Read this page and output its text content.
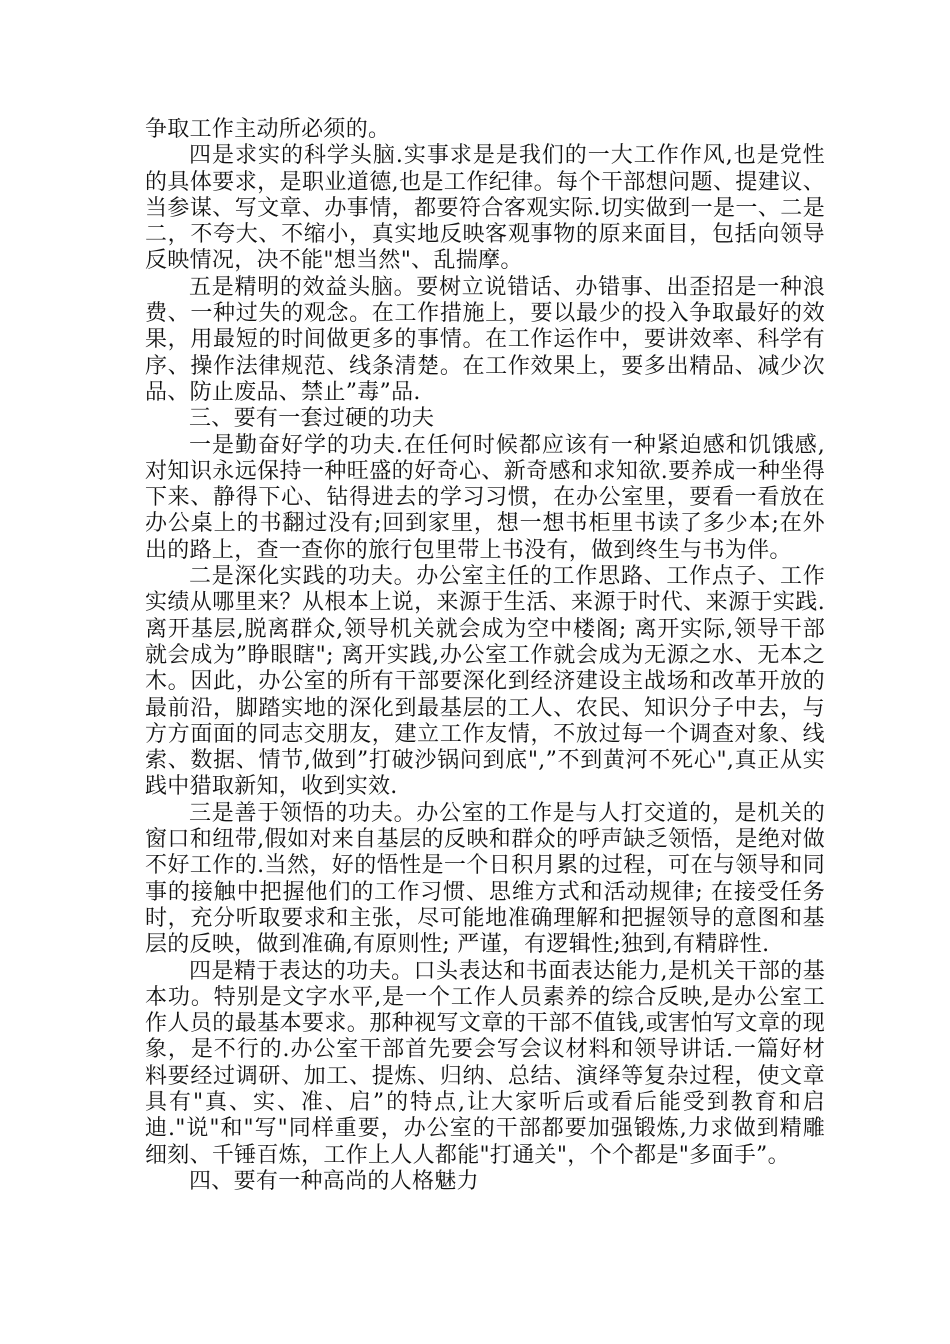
争取工作主动所必须的。

四是求实的科学头脑.实事求是是我们的一大工作作风,也是党性的具体要求，是职业道德,也是工作纪律。每个干部想问题、提建议、当参谋、写文章、办事情，都要符合客观实际.切实做到一是一、二是二，不夸大、不缩小，真实地反映客观事物的原来面目，包括向领导反映情况，决不能"想当然"、乱揣摩。

五是精明的效益头脑。要树立说错话、办错事、出歪招是一种浪费、一种过失的观念。在工作措施上，要以最少的投入争取最好的效果，用最短的时间做更多的事情。在工作运作中，要讲效率、科学有序、操作法律规范、线条清楚。在工作效果上，要多出精品、减少次品、防止废品、禁止”毒”品.

三、要有一套过硬的功夫

一是勤奋好学的功夫.在任何时候都应该有一种紧迫感和饥饿感,对知识永远保持一种旺盛的好奇心、新奇感和求知欲.要养成一种坐得下来、静得下心、钻得进去的学习习惯，在办公室里，要看一看放在办公桌上的书翻过没有;回到家里，想一想书柜里书读了多少本;在外出的路上，查一查你的旅行包里带上书没有，做到终生与书为伴。

二是深化实践的功夫。办公室主任的工作思路、工作点子、工作实绩从哪里来？从根本上说，来源于生活、来源于时代、来源于实践.离开基层,脱离群众,领导机关就会成为空中楼阁; 离开实际,领导干部就会成为”睁眼瞎"; 离开实践,办公室工作就会成为无源之水、无本之木。因此，办公室的所有干部要深化到经济建设主战场和改革开放的最前沿，脚踏实地的深化到最基层的工人、农民、知识分子中去，与方方面面的同志交朋友，建立工作友情，不放过每一个调查对象、线索、数据、情节,做到”打破沙锅问到底",”不到黄河不死心",真正从实践中猎取新知，收到实效.

三是善于领悟的功夫。办公室的工作是与人打交道的，是机关的窗口和纽带,假如对来自基层的反映和群众的呼声缺乏领悟，是绝对做不好工作的.当然，好的悟性是一个日积月累的过程，可在与领导和同事的接触中把握他们的工作习惯、思维方式和活动规律; 在接受任务时，充分听取要求和主张，尽可能地准确理解和把握领导的意图和基层的反映，做到准确,有原则性; 严谨，有逻辑性;独到,有精辟性.

四是精于表达的功夫。口头表达和书面表达能力,是机关干部的基本功。特别是文字水平,是一个工作人员素养的综合反映,是办公室工作人员的最基本要求。那种视写文章的干部不值钱,或害怕写文章的现象，是不行的.办公室干部首先要会写会议材料和领导讲话.一篇好材料要经过调研、加工、提炼、归纳、总结、演绎等复杂过程，使文章具有"真、实、准、启”的特点,让大家听后或看后能受到教育和启迪."说"和"写"同样重要，办公室的干部都要加强锻炼,力求做到精雕细刻、千锤百炼，工作上人人都能"打通关"，个个都是"多面手”。

四、要有一种高尚的人格魅力
